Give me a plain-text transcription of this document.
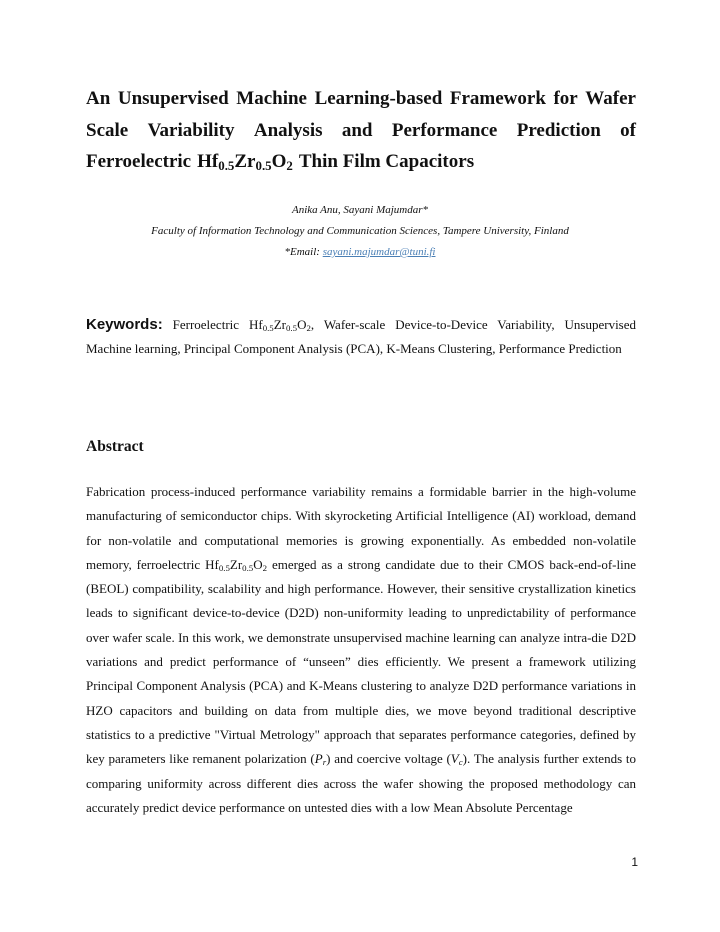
An Unsupervised Machine Learning-based Framework for Wafer
Scale Variability Analysis and Performance Prediction of
Ferroelectric $Hf_{0.5}Zr_{0.5}O_2$ Thin Film Capacitors

Anika Anu, Sayani Majumdar*

Faculty of Information Technology and Communication Sciences, Tampere University, Finland

*Email: sayani.majumdar@tuni.fi

Keywords: Ferroelectric $Hf_{0.5}Zr_{0.5}O_2$, Wafer-scale Device-to-Device Variability, Unsupervised Machine learning, Principal Component Analysis (PCA), K-Means Clustering, Performance Prediction

Abstract

Fabrication process-induced performance variability remains a formidable barrier in the high-volume manufacturing of semiconductor chips. With skyrocketing Artificial Intelligence (AI) workload, demand for non-volatile and computational memories is growing exponentially. As embedded non-volatile memory, ferroelectric $Hf_{0.5}Zr_{0.5}O_2$ emerged as a strong candidate due to their CMOS back-end-of-line (BEOL) compatibility, scalability and high performance. However, their sensitive crystallization kinetics leads to significant device-to-device (D2D) non-uniformity leading to unpredictability of performance over wafer scale. In this work, we demonstrate unsupervised machine learning can analyze intra-die D2D variations and predict performance of “unseen” dies efficiently. We present a framework utilizing Principal Component Analysis (PCA) and K-Means clustering to analyze D2D performance variations in HZO capacitors and building on data from multiple dies, we move beyond traditional descriptive statistics to a predictive "Virtual Metrology" approach that separates performance categories, defined by key parameters like remanent polarization $(P_r)$ and coercive voltage $(V_c)$. The analysis further extends to comparing uniformity across different dies across the wafer showing the proposed methodology can accurately predict device performance on untested dies with a low Mean Absolute Percentage

1
